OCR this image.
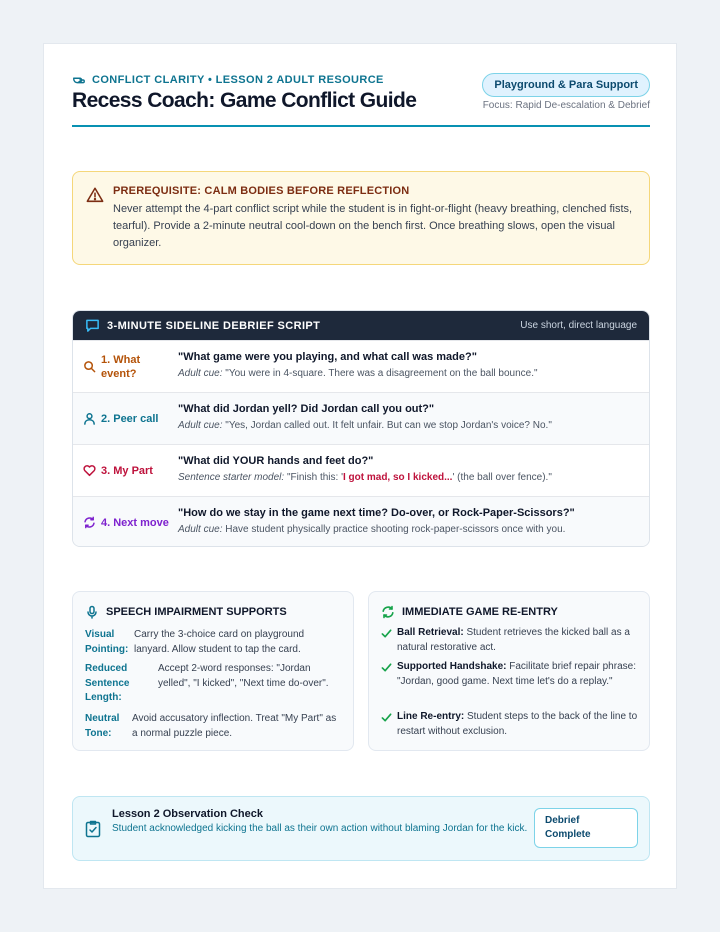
CONFLICT CLARITY • LESSON 2 ADULT RESOURCE
Recess Coach: Game Conflict Guide
Playground & Para Support
Focus: Rapid De-escalation & Debrief
PREREQUISITE: CALM BODIES BEFORE REFLECTION
Never attempt the 4-part conflict script while the student is in fight-or-flight (heavy breathing, clenched fists, tearful). Provide a 2-minute neutral cool-down on the bench first. Once breathing slows, open the visual organizer.
3-MINUTE SIDELINE DEBRIEF SCRIPT	Use short, direct language
1. What event?
"What game were you playing, and what call was made?"
Adult cue: "You were in 4-square. There was a disagreement on the ball bounce."
2. Peer call
"What did Jordan yell? Did Jordan call you out?"
Adult cue: "Yes, Jordan called out. It felt unfair. But can we stop Jordan's voice? No."
3. My Part
"What did YOUR hands and feet do?"
Sentence starter model: "Finish this: 'I got mad, so I kicked...' (the ball over fence)."
4. Next move
"How do we stay in the game next time? Do-over, or Rock-Paper-Scissors?"
Adult cue: Have student physically practice shooting rock-paper-scissors once with you.
SPEECH IMPAIRMENT SUPPORTS
Visual Pointing:
Carry the 3-choice card on playground lanyard. Allow student to tap the card.
Reduced Sentence Length:
Accept 2-word responses: "Jordan yelled", "I kicked", "Next time do-over".
Neutral Tone:
Avoid accusatory inflection. Treat "My Part" as a normal puzzle piece.
IMMEDIATE GAME RE-ENTRY
Ball Retrieval: Student retrieves the kicked ball as a natural restorative act.
Supported Handshake: Facilitate brief repair phrase: "Jordan, good game. Next time let's do a replay."
Line Re-entry: Student steps to the back of the line to restart without exclusion.
Lesson 2 Observation Check
Student acknowledged kicking the ball as their own action without blaming Jordan for the kick.
Debrief Complete
